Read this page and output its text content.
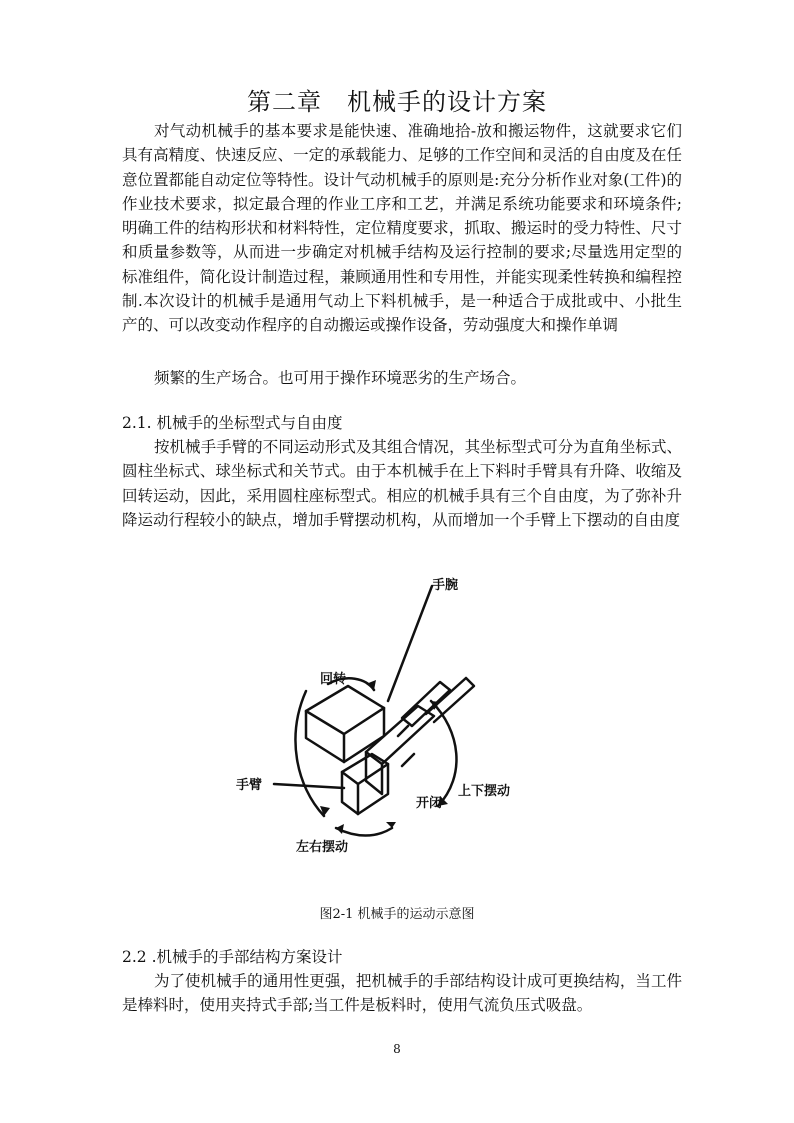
第二章　机械手的设计方案
对气动机械手的基本要求是能快速、准确地拾-放和搬运物件，这就要求它们具有高精度、快速反应、一定的承载能力、足够的工作空间和灵活的自由度及在任意位置都能自动定位等特性。设计气动机械手的原则是:充分分析作业对象(工件)的作业技术要求，拟定最合理的作业工序和工艺，并满足系统功能要求和环境条件;明确工件的结构形状和材料特性，定位精度要求，抓取、搬运时的受力特性、尺寸和质量参数等，从而进一步确定对机械手结构及运行控制的要求;尽量选用定型的标准组件，简化设计制造过程，兼顾通用性和专用性，并能实现柔性转换和编程控制.本次设计的机械手是通用气动上下料机械手，是一种适合于成批或中、小批生产的、可以改变动作程序的自动搬运或操作设备，劳动强度大和操作单调
频繁的生产场合。也可用于操作环境恶劣的生产场合。
2.1. 机械手的坐标型式与自由度
按机械手手臂的不同运动形式及其组合情况，其坐标型式可分为直角坐标式、圆柱坐标式、球坐标式和关节式。由于本机械手在上下料时手臂具有升降、收缩及回转运动，因此，采用圆柱座标型式。相应的机械手具有三个自由度，为了弥补升降运动行程较小的缺点，增加手臂摆动机构，从而增加一个手臂上下摆动的自由度
手腕
回转
手臂
开闭
上下摆动
左右摆动
图2-1 机械手的运动示意图
2.2 .机械手的手部结构方案设计
为了使机械手的通用性更强，把机械手的手部结构设计成可更换结构，当工件是棒料时，使用夹持式手部;当工件是板料时，使用气流负压式吸盘。
8
